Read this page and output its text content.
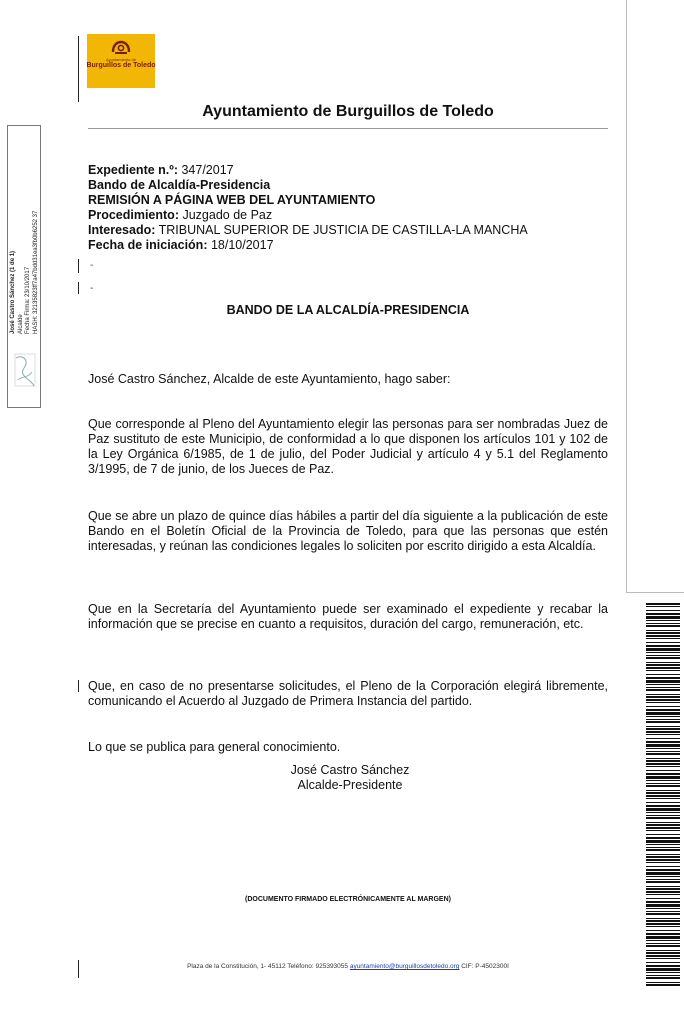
Ayuntamiento de
Burguillos de Toledo
Ayuntamiento de Burguillos de Toledo
Expediente n.º: 347/2017
Bando de Alcaldía-Presidencia
REMISIÓN A PÁGINA WEB DEL AYUNTAMIENTO
Procedimiento: Juzgado de Paz
Interesado: TRIBUNAL SUPERIOR DE JUSTICIA DE CASTILLA-LA MANCHA
Fecha de iniciación: 18/10/2017
-
-
BANDO DE LA ALCALDÍA-PRESIDENCIA

José Castro Sánchez, Alcalde de este Ayuntamiento, hago saber:

Que corresponde al Pleno del Ayuntamiento elegir las personas para ser nombradas Juez de Paz sustituto de este Municipio, de conformidad a lo que disponen los artículos 101 y 102 de la Ley Orgánica 6/1985, de 1 de julio, del Poder Judicial y artículo 4 y 5.1 del Reglamento 3/1995, de 7 de junio, de los Jueces de Paz.

Que se abre un plazo de quince días hábiles a partir del día siguiente a la publicación de este Bando en el Boletín Oficial de la Provincia de Toledo, para que las personas que estén interesadas, y reúnan las condiciones legales lo soliciten por escrito dirigido a esta Alcaldía.

Que en la Secretaría del Ayuntamiento puede ser examinado el expediente y recabar la información que se precise en cuanto a requisitos, duración del cargo, remuneración, etc.

Que, en caso de no presentarse solicitudes, el Pleno de la Corporación elegirá libremente, comunicando el Acuerdo al Juzgado de Primera Instancia del partido.

Lo que se publica para general conocimiento.

José Castro Sánchez
Alcalde-Presidente
(DOCUMENTO FIRMADO ELECTRÓNICAMENTE AL MARGEN)
Plaza de la Constitución, 1- 45112 Teléfono: 925393055 ayuntamiento@burguillosdetoledo.org CIF: P-4502300I
José Castro Sánchez (1 de 1) Alcalde Fecha Firma: 23/10/2017 HASH: 32135823ff7a47bdd31ea3fb0b6252 37
